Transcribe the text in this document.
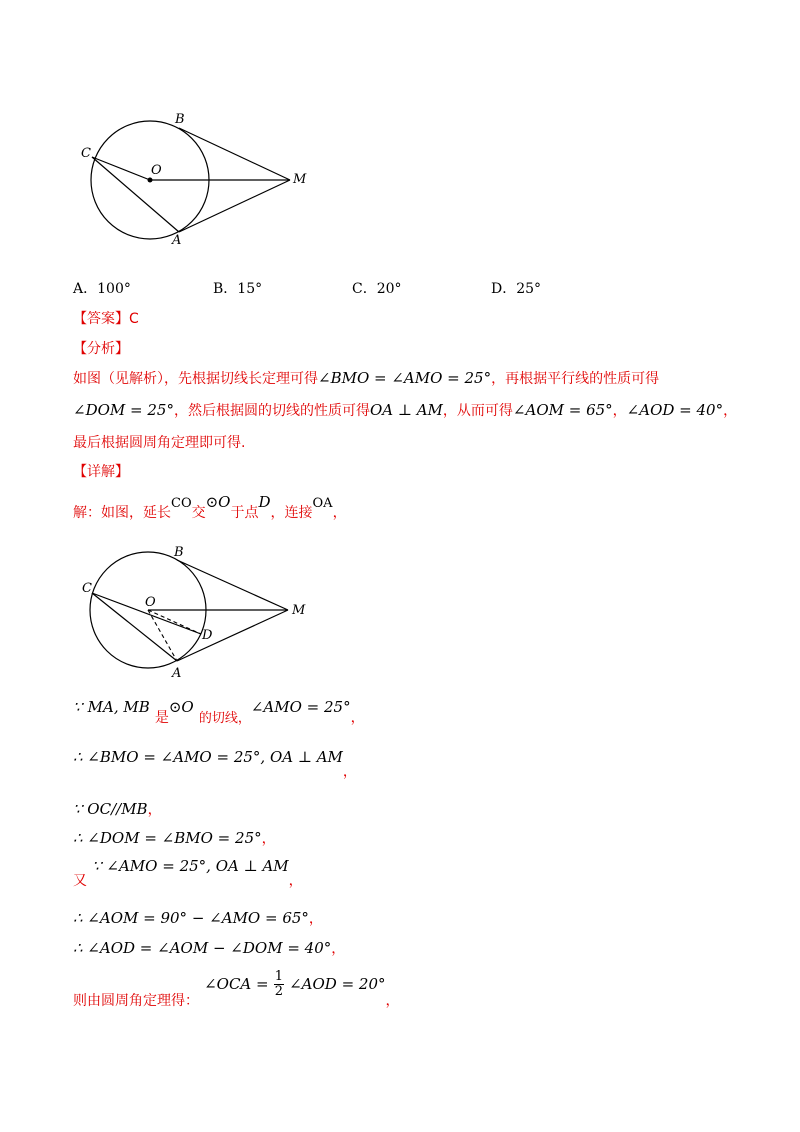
B
C
O
M
A
A．100°	B．15°	C．20°	D．25°
【答案】C
【分析】
如图（见解析），先根据切线长定理可得∠BMO = ∠AMO = 25°，再根据平行线的性质可得
∠DOM = 25°，然后根据圆的切线的性质可得OA ⊥ AM，从而可得∠AOM = 65°，∠AOD = 40°，
最后根据圆周角定理即可得.
【详解】
解：如图，延长CO交⊙O于点D，连接OA，
B
C
O
M
D
A
∵ MA, MB 是⊙O $_{的切线,}$∠AMO = 25°，
∴ ∠BMO = ∠AMO = 25°, OA ⊥ AM，
∵ OC//MB，
∴ ∠DOM = ∠BMO = 25°，
又 ∵ ∠AMO = 25°, OA ⊥ AM，
∴ ∠AOM = 90° − ∠AMO = 65°，
∴ ∠AOD = ∠AOM − ∠DOM = 40°，
则由圆周角定理得： ∠OCA = $\frac{1}{2}$ ∠AOD = 20°，
